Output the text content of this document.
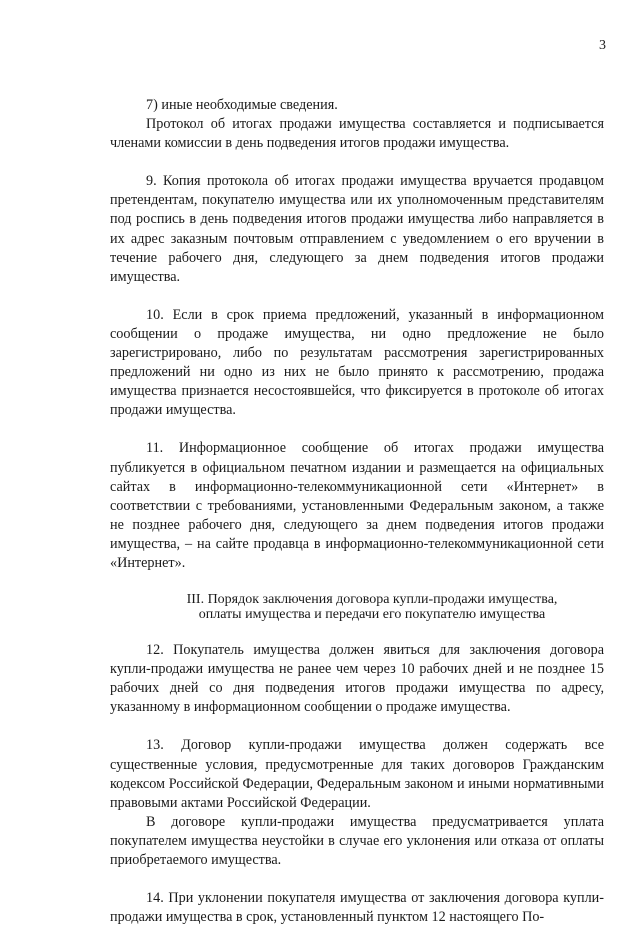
3

7) иные необходимые сведения.

Протокол об итогах продажи имущества составляется и подписывается членами комиссии в день подведения итогов продажи имущества.

9. Копия протокола об итогах продажи имущества вручается продавцом претендентам, покупателю имущества или их уполномоченным представителям под роспись в день подведения итогов продажи имущества либо направляется в их адрес заказным почтовым отправлением с уведомлением о его вручении в течение рабочего дня, следующего за днем подведения итогов продажи имущества.

10. Если в срок приема предложений, указанный в информационном сообщении о продаже имущества, ни одно предложение не было зарегистрировано, либо по результатам рассмотрения зарегистрированных предложений ни одно из них не было принято к рассмотрению, продажа имущества признается несостоявшейся, что фиксируется в протоколе об итогах продажи имущества.

11. Информационное сообщение об итогах продажи имущества публикуется в официальном печатном издании и размещается на официальных сайтах в информационно-телекоммуникационной сети «Интернет» в соответствии с требованиями, установленными Федеральным законом, а также не позднее рабочего дня, следующего за днем подведения итогов продажи имущества, – на сайте продавца в информационно-телекоммуникационной сети «Интернет».

III. Порядок заключения договора купли-продажи имущества,
оплаты имущества и передачи его покупателю имущества

12. Покупатель имущества должен явиться для заключения договора купли-продажи имущества не ранее чем через 10 рабочих дней и не позднее 15 рабочих дней со дня подведения итогов продажи имущества по адресу, указанному в информационном сообщении о продаже имущества.

13. Договор купли-продажи имущества должен содержать все существенные условия, предусмотренные для таких договоров Гражданским кодексом Российской Федерации, Федеральным законом и иными нормативными правовыми актами Российской Федерации.

В договоре купли-продажи имущества предусматривается уплата покупателем имущества неустойки в случае его уклонения или отказа от оплаты приобретаемого имущества.

14. При уклонении покупателя имущества от заключения договора купли-продажи имущества в срок, установленный пунктом 12 настоящего По-
